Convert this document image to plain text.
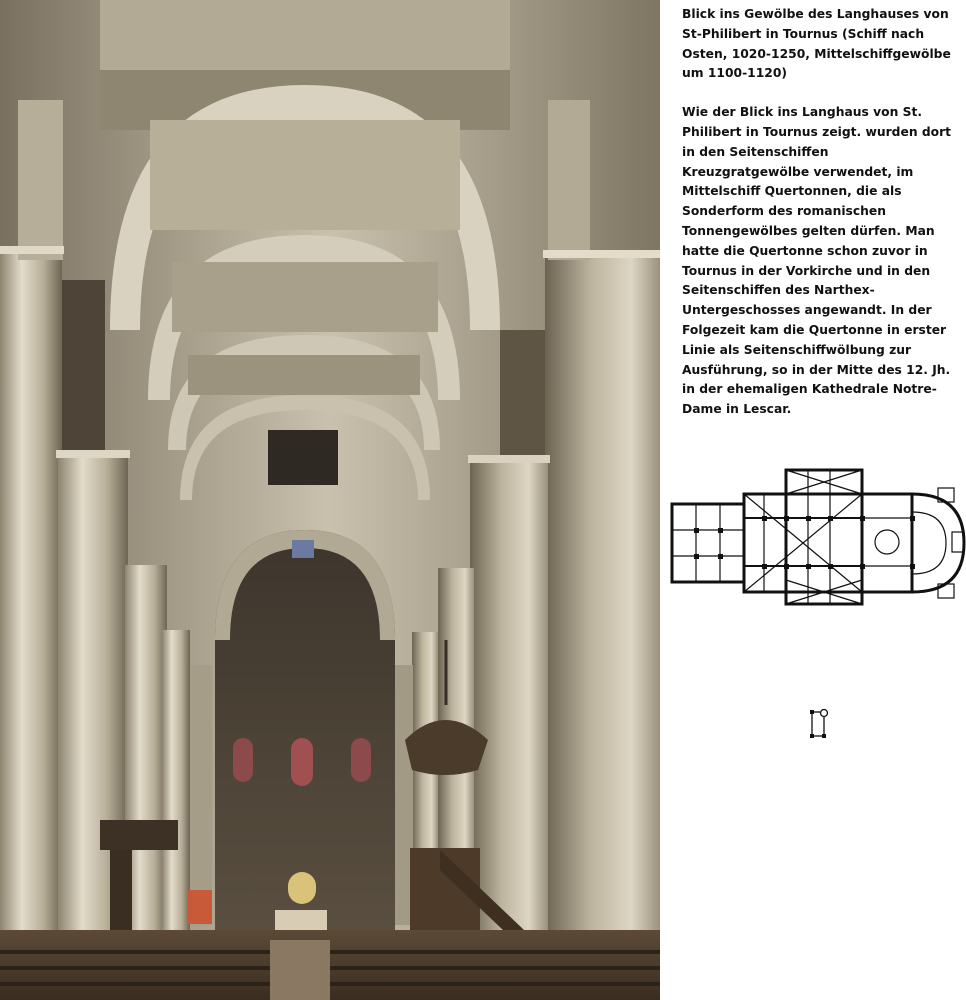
Blick ins Gewölbe des Langhauses von St-Philibert in Tournus (Schiff nach Osten, 1020-1250, Mittelschiffgewölbe um 1100-1120)

Wie der Blick ins Langhaus von St. Philibert in Tournus zeigt. wurden dort in den Seitenschiffen Kreuzgratgewölbe verwendet, im Mittelschiff Quertonnen, die als Sonderform des romanischen Tonnengewölbes gelten dürfen. Man hatte die Quertonne schon zuvor in Tournus in der Vorkirche und in den Seitenschiffen des Narthex-Untergeschosses angewandt. In der Folgezeit kam die Quertonne in erster Linie als Seitenschiffwölbung zur Ausführung, so in der Mitte des 12. Jh. in der ehemaligen Kathedrale Notre-Dame in Lescar.
